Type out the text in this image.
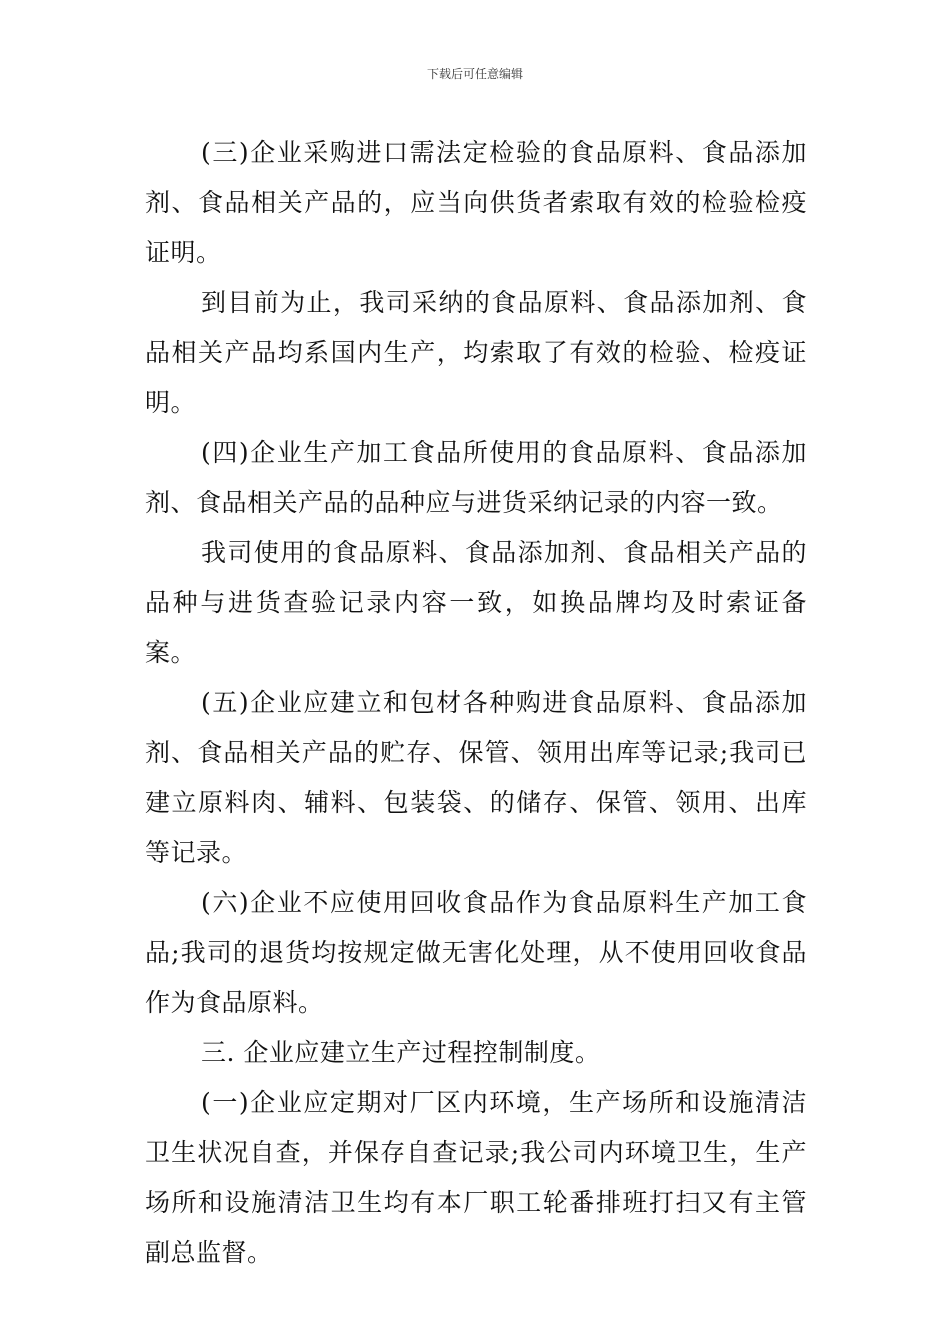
下载后可任意编辑

(三)企业采购进口需法定检验的食品原料、食品添加剂、食品相关产品的，应当向供货者索取有效的检验检疫证明。

到目前为止，我司采纳的食品原料、食品添加剂、食品相关产品均系国内生产，均索取了有效的检验、检疫证明。

(四)企业生产加工食品所使用的食品原料、食品添加剂、食品相关产品的品种应与进货采纳记录的内容一致。

我司使用的食品原料、食品添加剂、食品相关产品的品种与进货查验记录内容一致，如换品牌均及时索证备案。

(五)企业应建立和包材各种购进食品原料、食品添加剂、食品相关产品的贮存、保管、领用出库等记录;我司已建立原料肉、辅料、包装袋、的储存、保管、领用、出库等记录。

(六)企业不应使用回收食品作为食品原料生产加工食品;我司的退货均按规定做无害化处理，从不使用回收食品作为食品原料。

三. 企业应建立生产过程控制制度。

(一)企业应定期对厂区内环境，生产场所和设施清洁卫生状况自查，并保存自查记录;我公司内环境卫生，生产场所和设施清洁卫生均有本厂职工轮番排班打扫又有主管副总监督。
